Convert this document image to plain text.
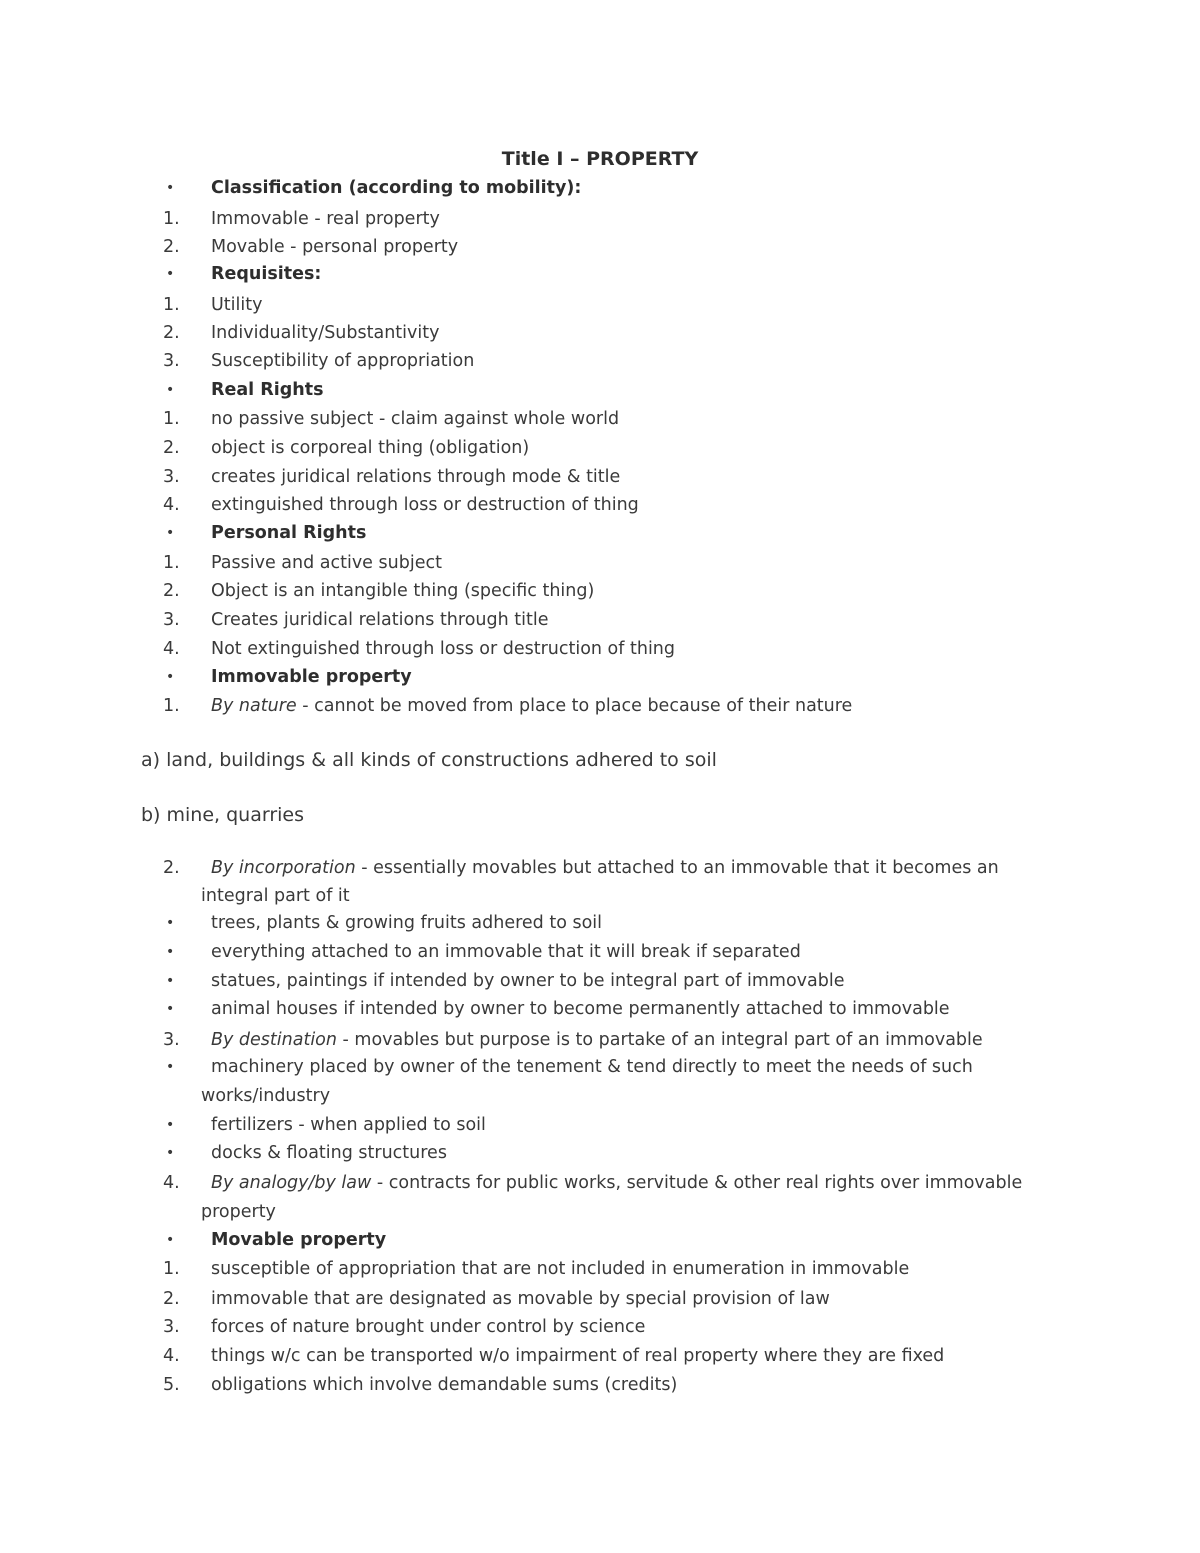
Title I – PROPERTY
•	Classification (according to mobility):
1.	Immovable - real property
2.	Movable - personal property
•	Requisites:
1.	Utility
2.	Individuality/Substantivity
3.	Susceptibility of appropriation
•	Real Rights
1.	no passive subject - claim against whole world
2.	object is corporeal thing (obligation)
3.	creates juridical relations through mode & title
4.	extinguished through loss or destruction of thing
•	Personal Rights
1.	Passive and active subject
2.	Object is an intangible thing (specific thing)
3.	Creates juridical relations through title
4.	Not extinguished through loss or destruction of thing
•	Immovable property
1.	By nature - cannot be moved from place to place because of their nature
a) land, buildings & all kinds of constructions adhered to soil
b) mine, quarries
2.	By incorporation - essentially movables but attached to an immovable that it becomes an
integral part of it
•	trees, plants & growing fruits adhered to soil
•	everything attached to an immovable that it will break if separated
•	statues, paintings if intended by owner to be integral part of immovable
•	animal houses if intended by owner to become permanently attached to immovable
3.	By destination - movables but purpose is to partake of an integral part of an immovable
•	machinery placed by owner of the tenement & tend directly to meet the needs of such
works/industry
•	fertilizers - when applied to soil
•	docks & floating structures
4.	By analogy/by law - contracts for public works, servitude & other real rights over immovable
property
•	Movable property
1.	susceptible of appropriation that are not included in enumeration in immovable
2.	immovable that are designated as movable by special provision of law
3.	forces of nature brought under control by science
4.	things w/c can be transported w/o impairment of real property where they are fixed
5.	obligations which involve demandable sums (credits)
